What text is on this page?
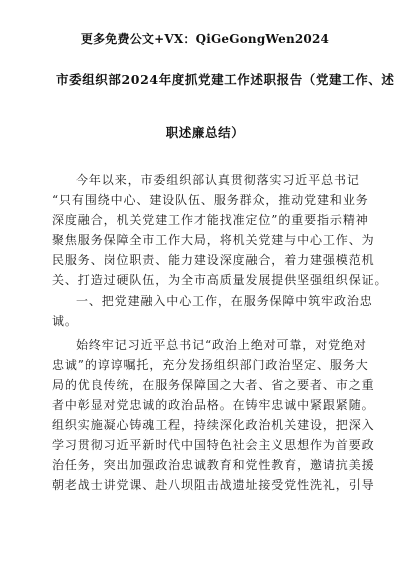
更多免费公文+VX：QiGeGongWen2024
市委组织部2024年度抓党建工作述职报告（党建工作、述
职述廉总结）
今年以来，市委组织部认真贯彻落实习近平总书记
“只有围绕中心、建设队伍、服务群众，推动党建和业务
深度融合，机关党建工作才能找准定位”的重要指示精神
聚焦服务保障全市工作大局，将机关党建与中心工作、为
民服务、岗位职责、能力建设深度融合，着力建强模范机
关、打造过硬队伍，为全市高质量发展提供坚强组织保证。
一、把党建融入中心工作，在服务保障中筑牢政治忠
诚。
始终牢记习近平总书记“政治上绝对可靠，对党绝对
忠诚”的谆谆嘱托，充分发扬组织部门政治坚定、服务大
局的优良传统，在服务保障国之大者、省之要者、市之重
者中彰显对党忠诚的政治品格。在铸牢忠诚中紧跟紧随。
组织实施凝心铸魂工程，持续深化政治机关建设，把深入
学习贯彻习近平新时代中国特色社会主义思想作为首要政
治任务，突出加强政治忠诚教育和党性教育，邀请抗美援
朝老战士讲党课、赴八坝阻击战遗址接受党性洗礼，引导
